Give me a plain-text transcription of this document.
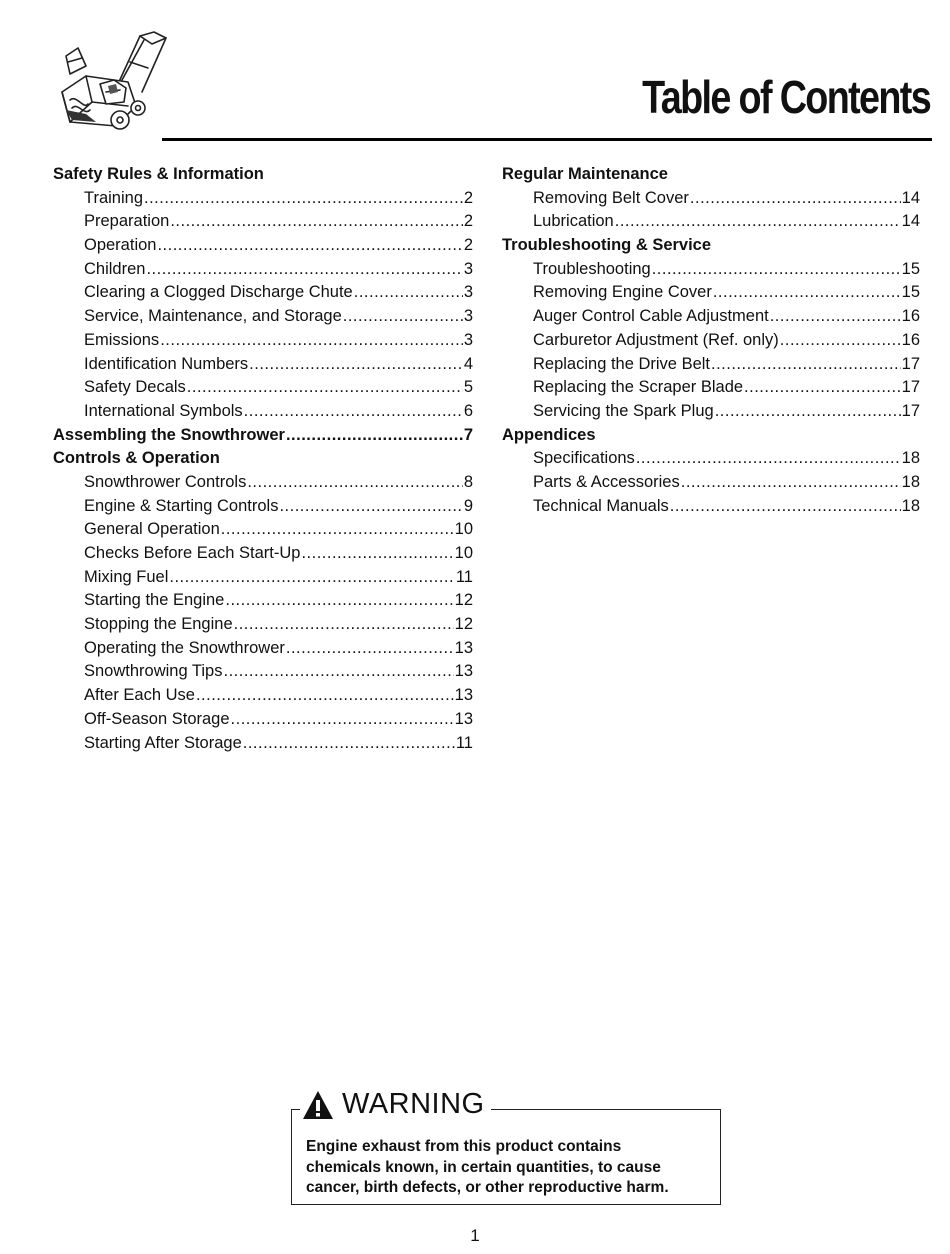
Table of Contents
Safety Rules & Information
Training .....	2
Preparation .....	2
Operation .....	2
Children .....	3
Clearing a Clogged Discharge Chute .....	3
Service, Maintenance, and Storage .....	3
Emissions .....	3
Identification Numbers .....	4
Safety Decals .....	5
International Symbols .....	6
Assembling the Snowthrower .....	7
Controls & Operation
Snowthrower Controls .....	8
Engine & Starting Controls .....	9
General Operation .....	10
Checks Before Each Start-Up .....	10
Mixing Fuel .....	11
Starting the Engine .....	12
Stopping the Engine .....	12
Operating the Snowthrower .....	13
Snowthrowing Tips .....	13
After Each Use .....	13
Off-Season Storage .....	13
Starting After Storage .....	11
Regular Maintenance
Removing Belt Cover .....	14
Lubrication .....	14
Troubleshooting & Service
Troubleshooting .....	15
Removing Engine Cover .....	15
Auger Control Cable Adjustment .....	16
Carburetor Adjustment (Ref. only) .....	16
Replacing the Drive Belt .....	17
Replacing the Scraper Blade .....	17
Servicing the Spark Plug .....	17
Appendices
Specifications .....	18
Parts & Accessories .....	18
Technical Manuals .....	18
WARNING
Engine exhaust from this product contains
chemicals known, in certain quantities, to cause
cancer, birth defects, or other reproductive harm.
1
